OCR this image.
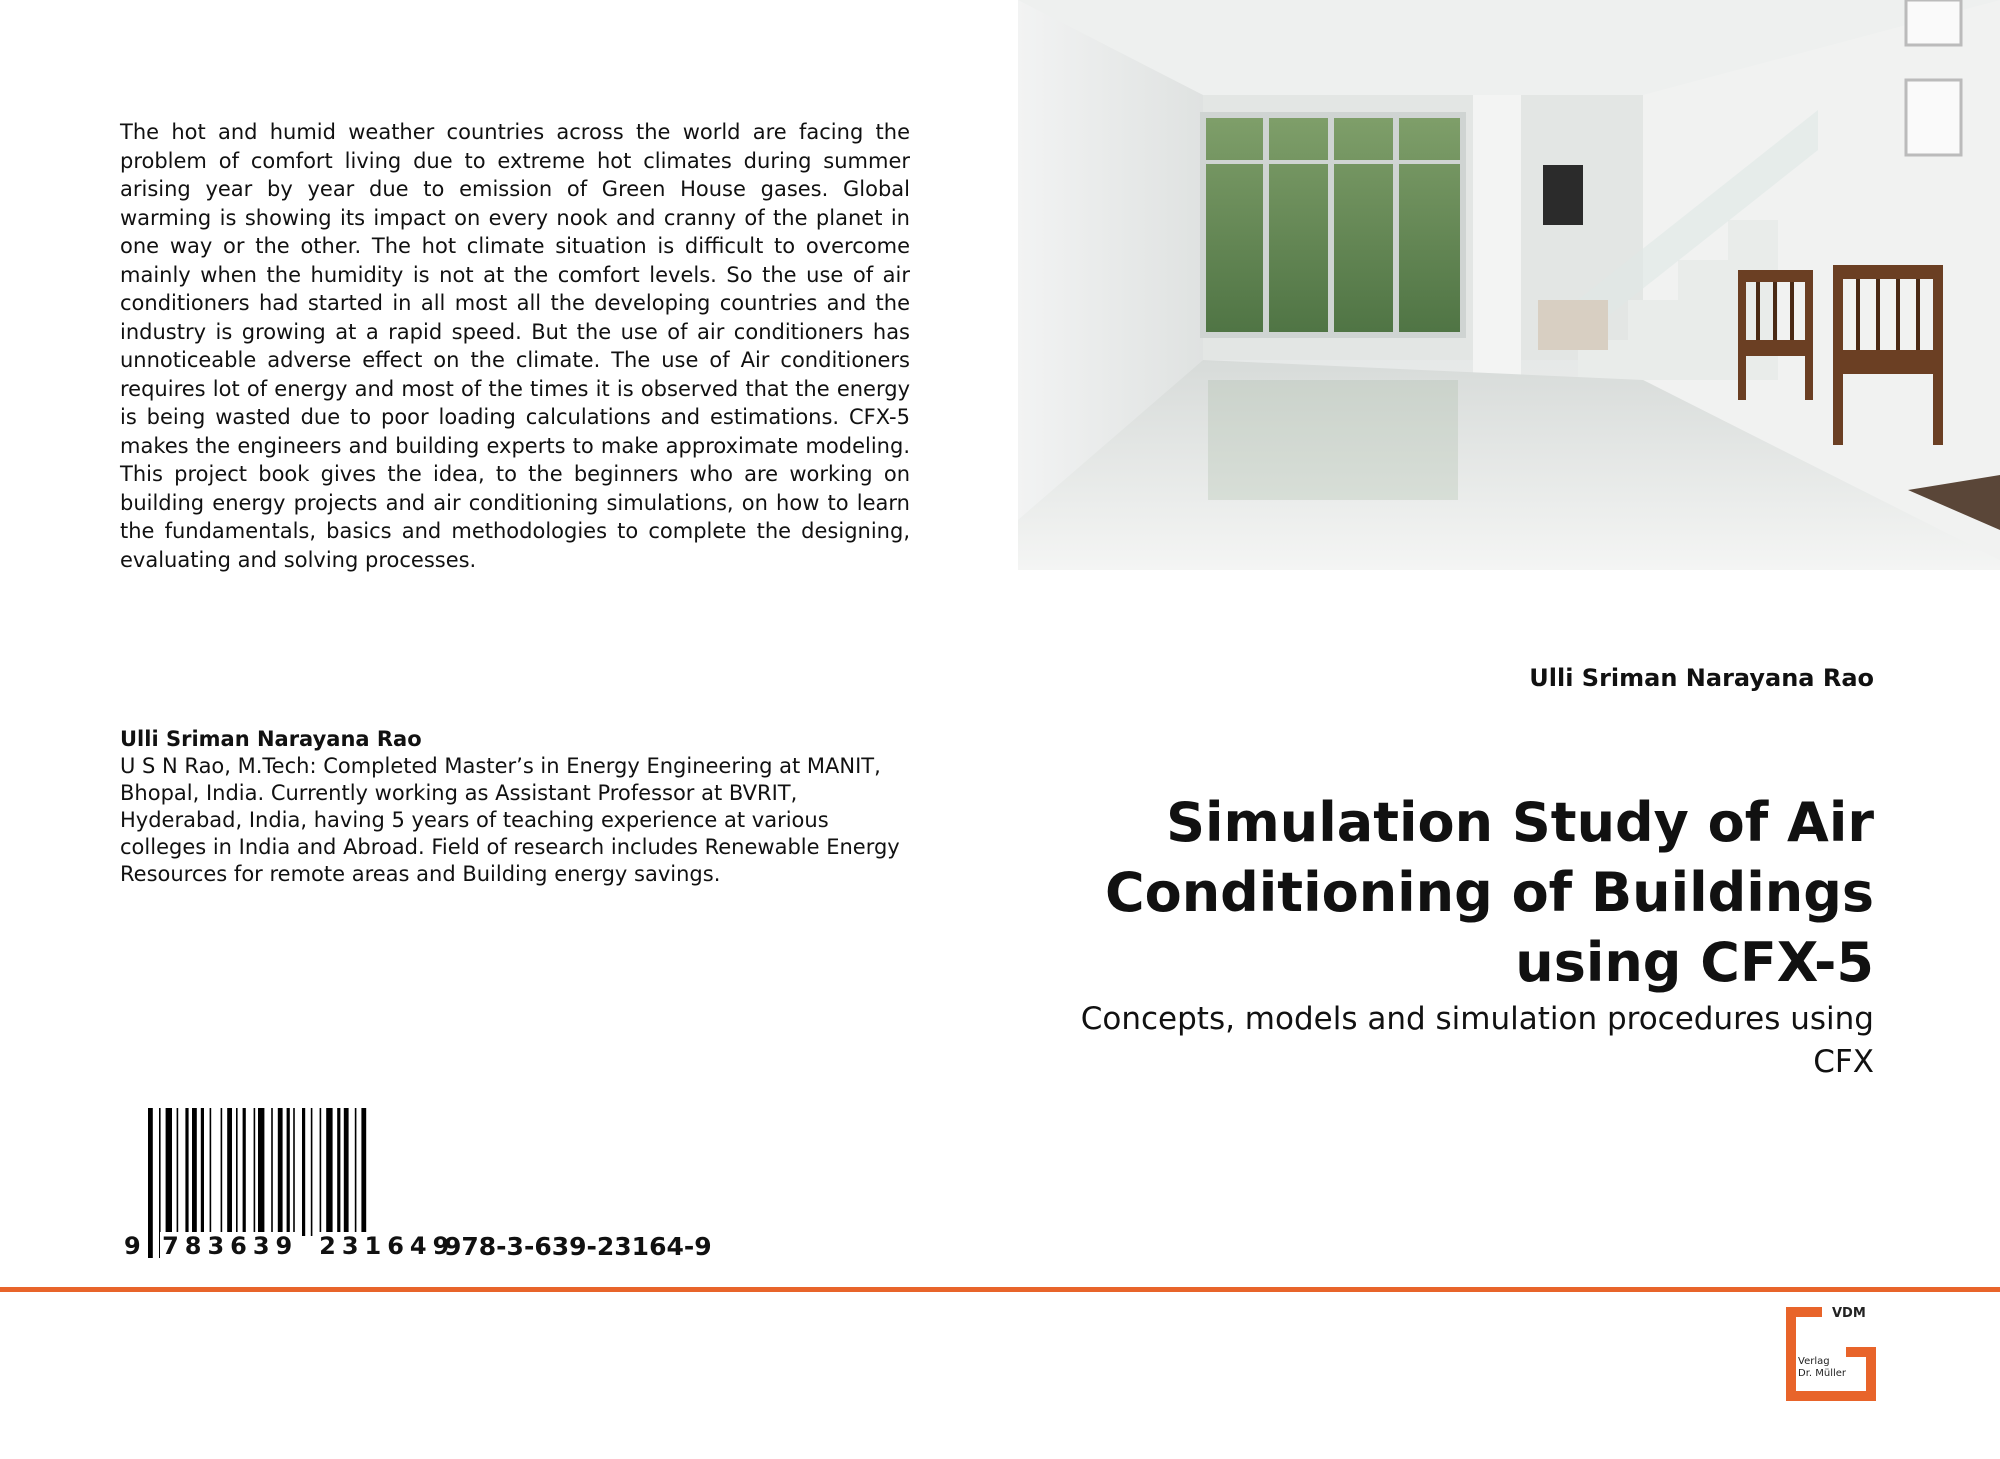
The hot and humid weather countries across the world are facing the problem of comfort living due to extreme hot climates during summer arising year by year due to emission of Green House gases. Global warming is showing its impact on every nook and cranny of the planet in one way or the other. The hot climate situation is difficult to overcome mainly when the humidity is not at the comfort levels. So the use of air conditioners had started in all most all the developing countries and the industry is growing at a rapid speed. But the use of air conditioners has unnoticeable adverse effect on the climate. The use of Air conditioners requires lot of energy and most of the times it is observed that the energy is being wasted due to poor loading calculations and estimations. CFX-5 makes the engineers and building experts to make approximate modeling. This project book gives the idea, to the beginners who are working on building energy projects and air conditioning simulations, on how to learn the fundamentals, basics and methodologies to complete the designing, evaluating and solving processes.

Ulli Sriman Narayana Rao
U S N Rao, M.Tech: Completed Master’s in Energy Engineering at MANIT, Bhopal, India. Currently working as Assistant Professor at BVRIT, Hyderabad, India, having 5 years of teaching experience at various colleges in India and Abroad. Field of research includes Renewable Energy Resources for remote areas and Building energy savings.
9 783639 231649
978-3-639-23164-9
Ulli Sriman Narayana Rao
Simulation Study of Air Conditioning of Buildings using CFX-5
Concepts, models and simulation procedures using CFX
VDM
Verlag
Dr. Müller
